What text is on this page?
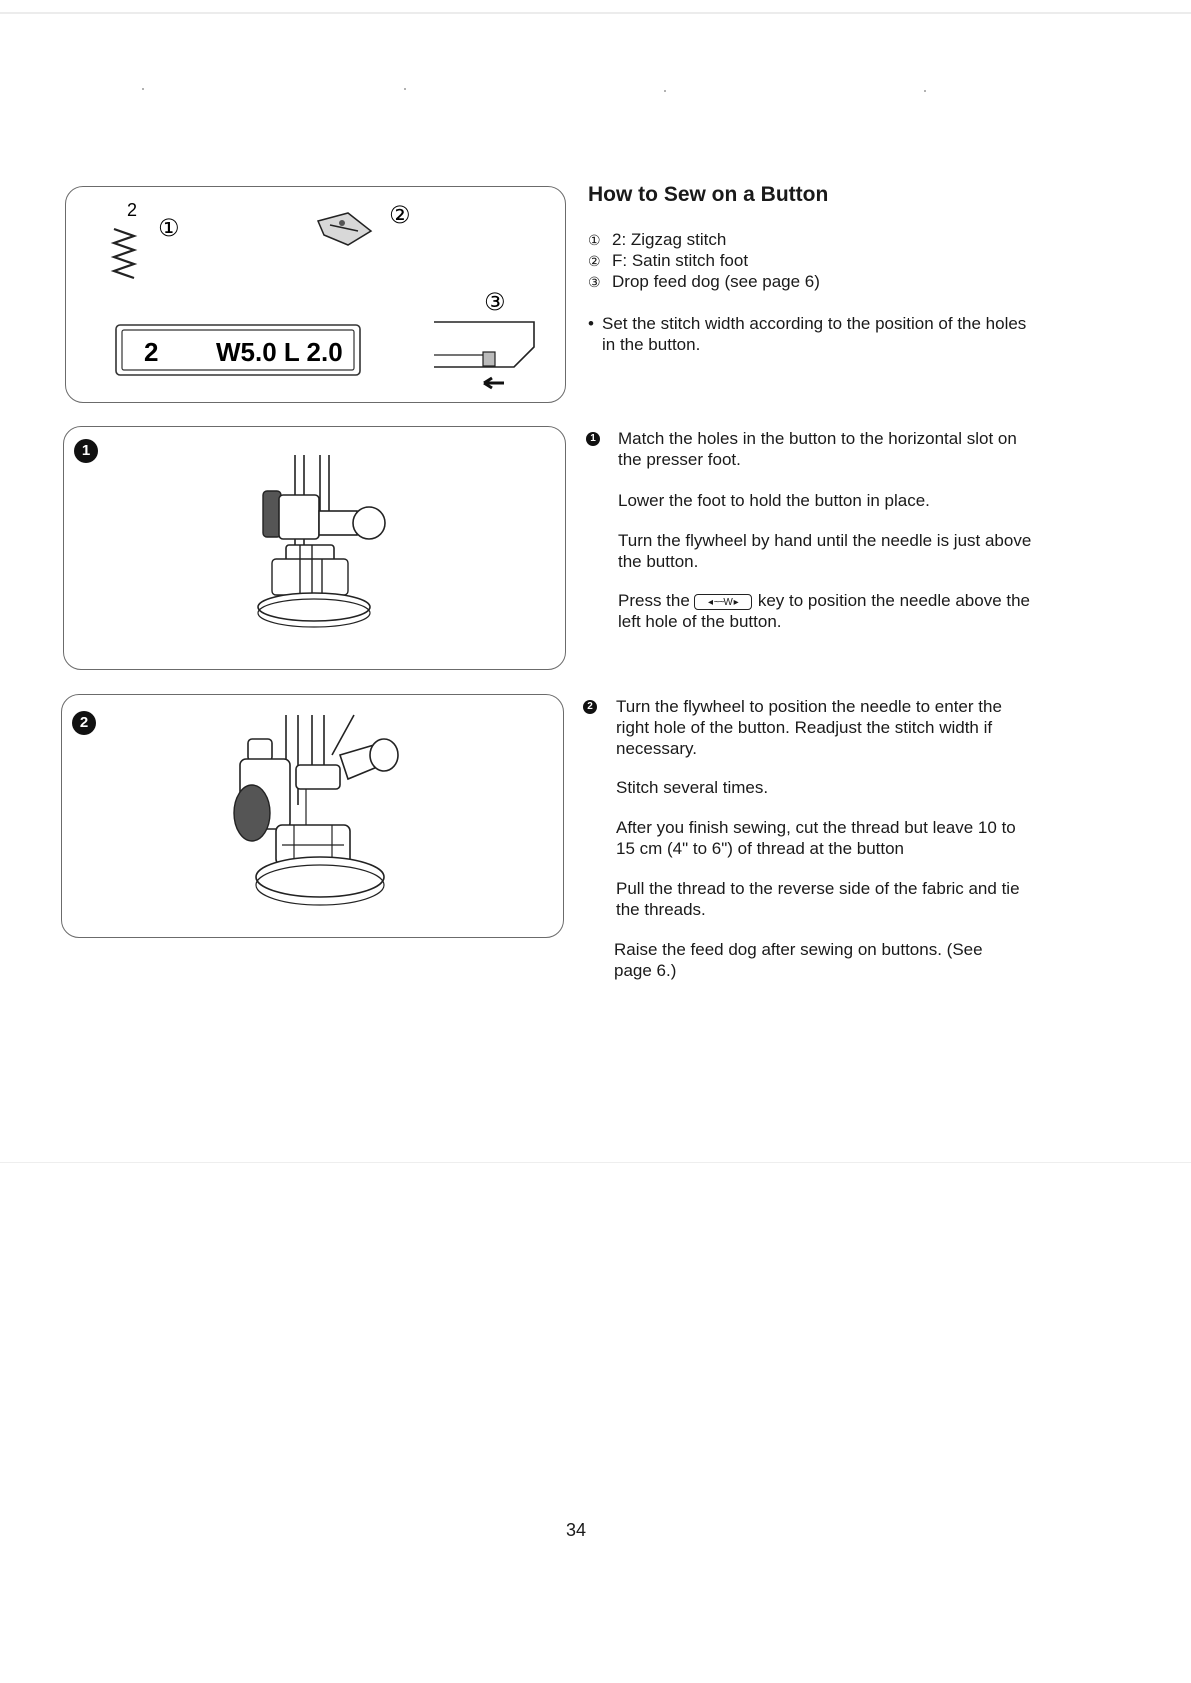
2
①	②
③
2 W5.0 L 2.0
1
2
How to Sew on a Button
① 2: Zigzag stitch
② F: Satin stitch foot
③ Drop feed dog (see page 6)
• Set the stitch width according to the position of the holes

in the button.

1 Match the holes in the button to the horizontal slot on

the presser foot.

Lower the foot to hold the button in place.

Turn the flywheel by hand until the needle is just above

the button.

Press the ◂ ~~W ▸ key to position the needle above the

left hole of the button.

2 Turn the flywheel to position the needle to enter the

right hole of the button. Readjust the stitch width if

necessary.

Stitch several times.

After you finish sewing, cut the thread but leave 10 to

15 cm (4" to 6") of thread at the button

Pull the thread to the reverse side of the fabric and tie

the threads.

Raise the feed dog after sewing on buttons. (See

page 6.)

34
